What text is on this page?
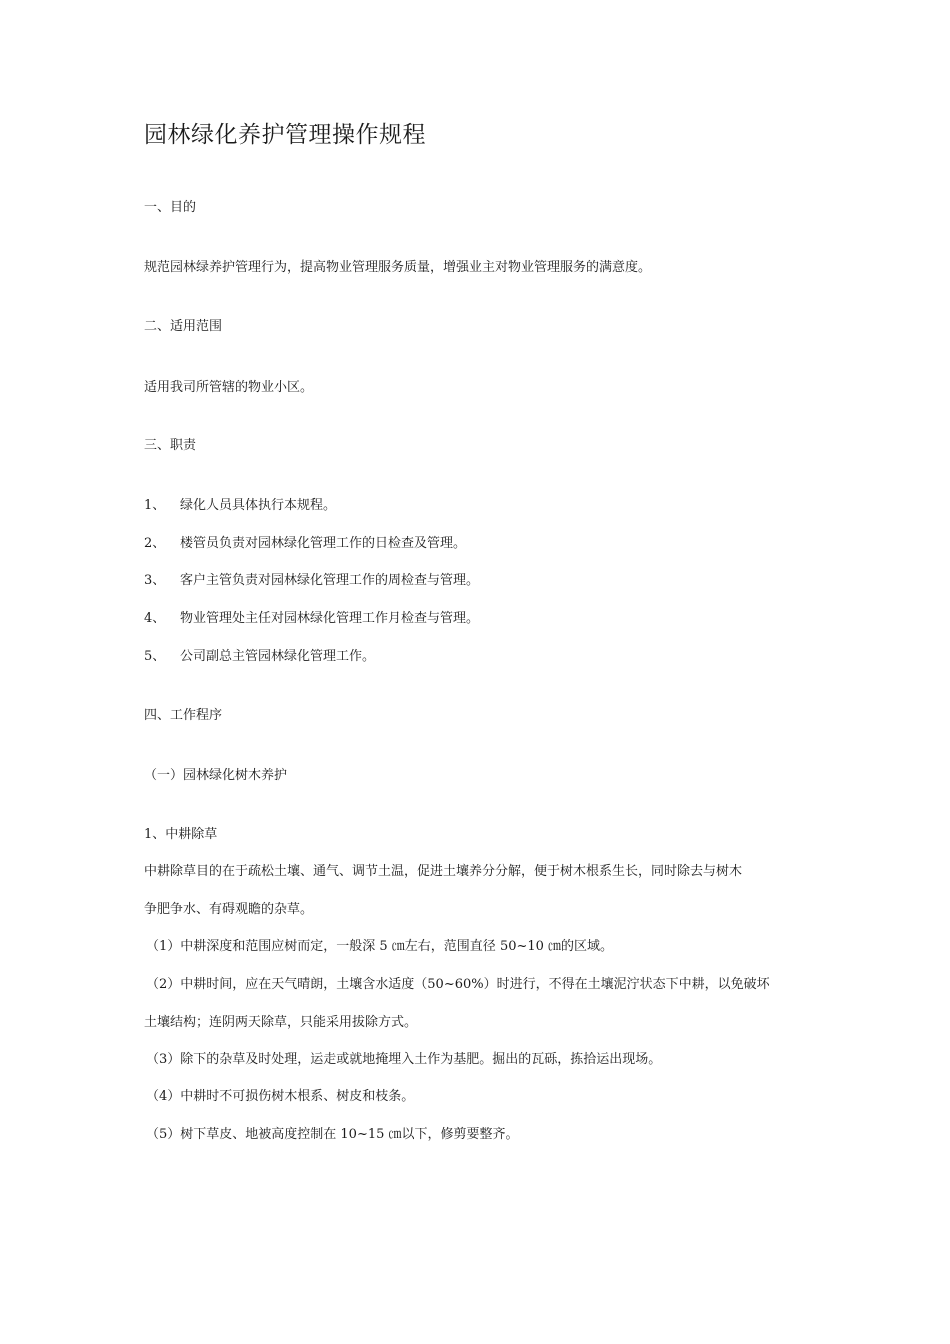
园林绿化养护管理操作规程
一、目的
规范园林绿养护管理行为，提高物业管理服务质量，增强业主对物业管理服务的满意度。
二、适用范围
适用我司所管辖的物业小区。
三、职责
1、 绿化人员具体执行本规程。
2、 楼管员负责对园林绿化管理工作的日检查及管理。
3、 客户主管负责对园林绿化管理工作的周检查与管理。
4、 物业管理处主任对园林绿化管理工作月检查与管理。
5、 公司副总主管园林绿化管理工作。
四、工作程序
（一）园林绿化树木养护
1、中耕除草
中耕除草目的在于疏松土壤、通气、调节土温，促进土壤养分分解，便于树木根系生长，同时除去与树木
争肥争水、有碍观瞻的杂草。
（1）中耕深度和范围应树而定，一般深 5 ㎝左右，范围直径 50~10 ㎝的区域。
（2）中耕时间，应在天气晴朗，土壤含水适度（50~60%）时进行，不得在土壤泥泞状态下中耕，以免破坏
土壤结构；连阴两天除草，只能采用拔除方式。
（3）除下的杂草及时处理，运走或就地掩埋入土作为基肥。掘出的瓦砾，拣拾运出现场。
（4）中耕时不可损伤树木根系、树皮和枝条。
（5）树下草皮、地被高度控制在 10~15 ㎝以下，修剪要整齐。
